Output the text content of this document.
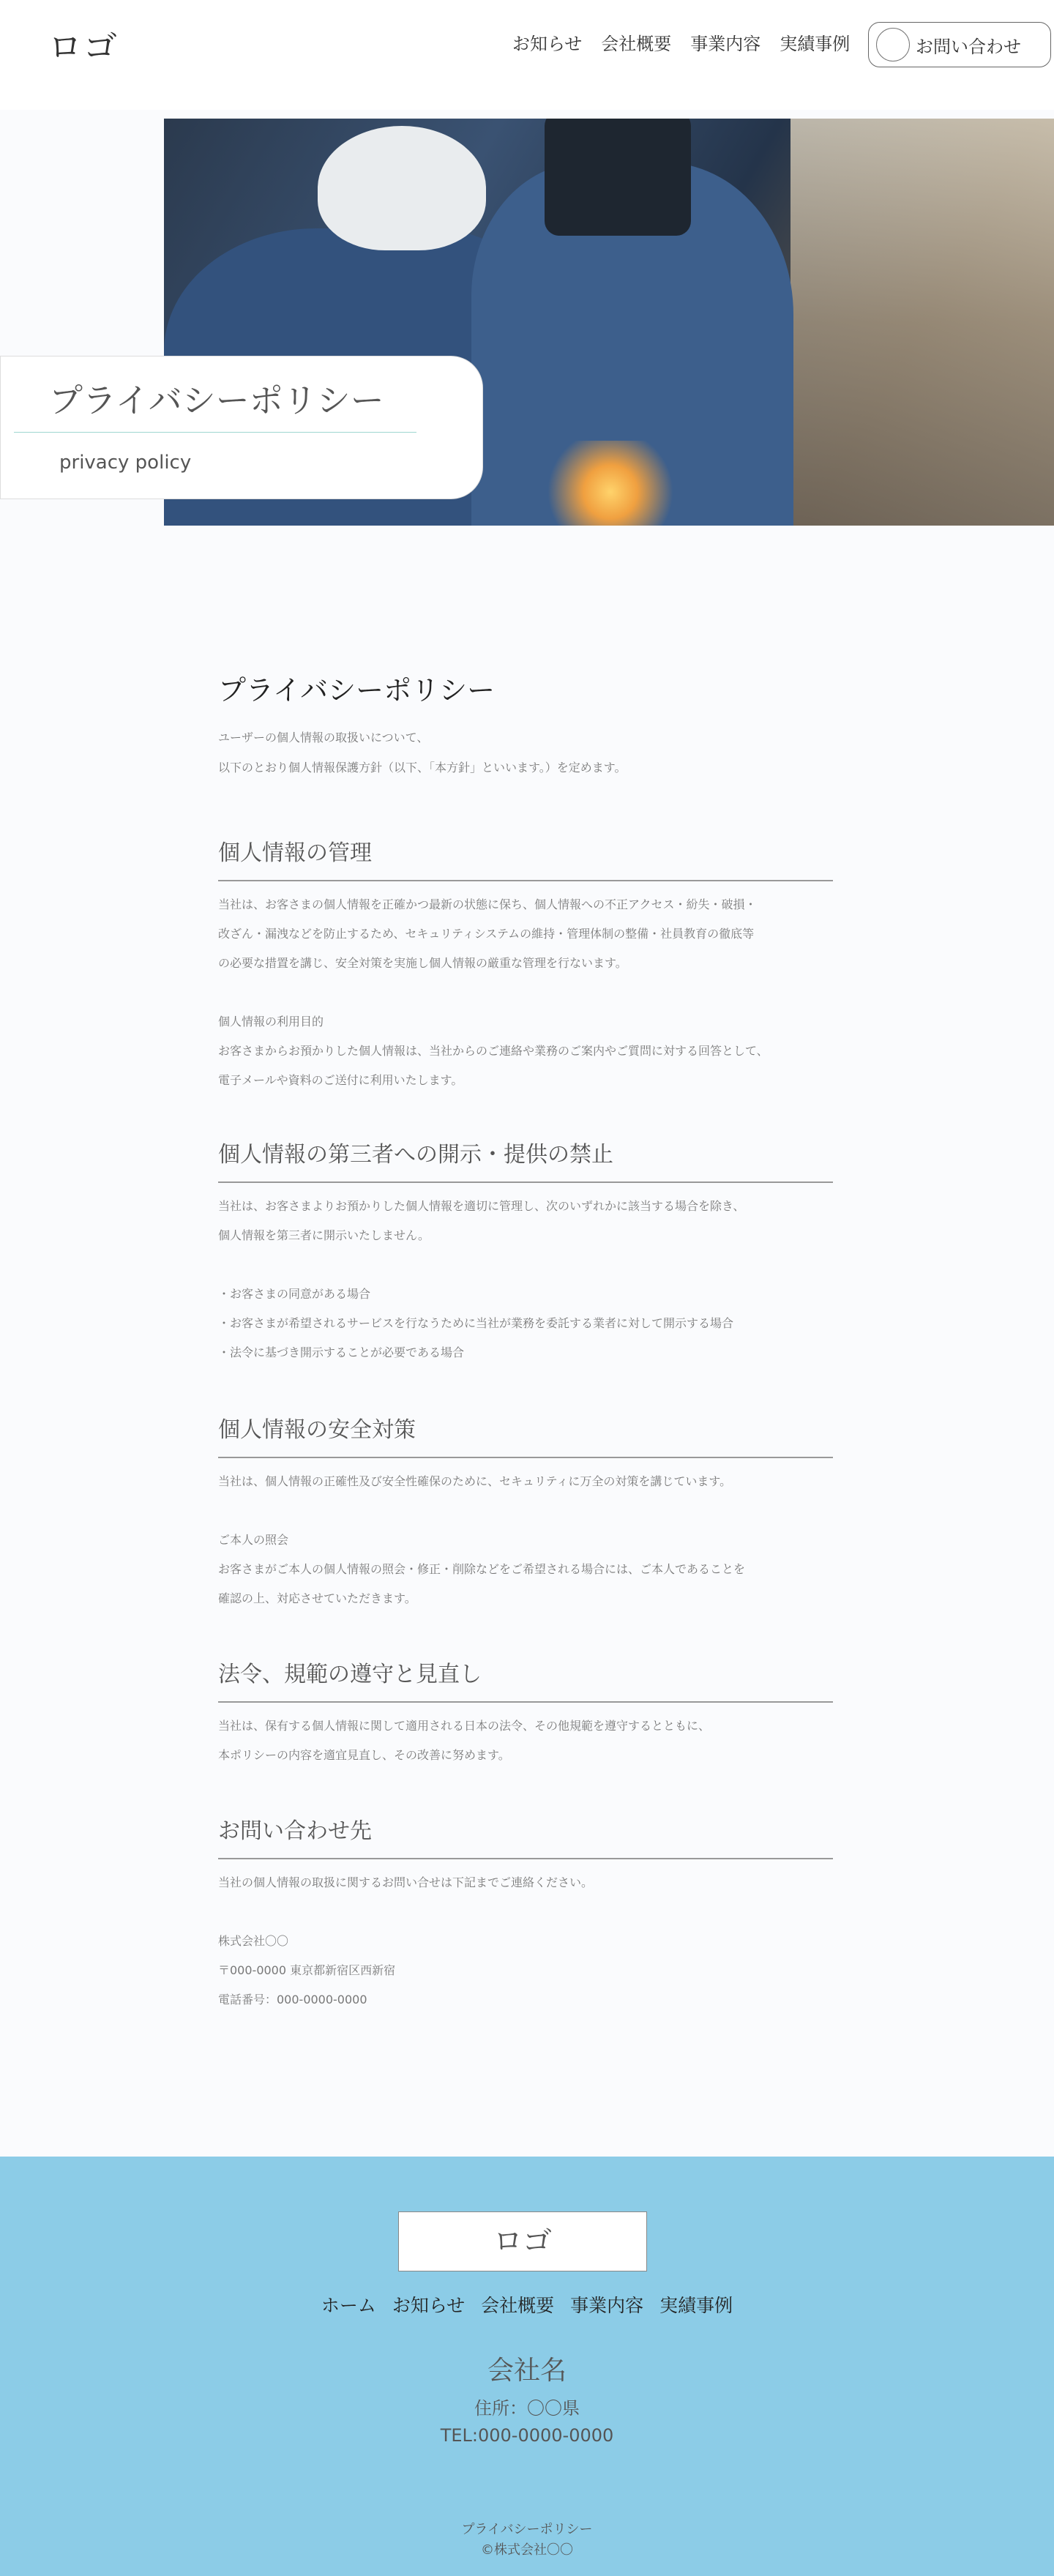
ロゴ	お知らせ 会社概要 事業内容 実績事例	お問い合わせ
プライバシーポリシー
privacy policy
プライバシーポリシー
ユーザーの個人情報の取扱いについて、
以下のとおり個人情報保護方針（以下、「本方針」といいます。）を定めます。
個人情報の管理
当社は、お客さまの個人情報を正確かつ最新の状態に保ち、個人情報への不正アクセス・紛失・破損・
改ざん・漏洩などを防止するため、セキュリティシステムの維持・管理体制の整備・社員教育の徹底等
の必要な措置を講じ、安全対策を実施し個人情報の厳重な管理を行ないます。

個人情報の利用目的
お客さまからお預かりした個人情報は、当社からのご連絡や業務のご案内やご質問に対する回答として、
電子メールや資料のご送付に利用いたします。
個人情報の第三者への開示・提供の禁止
当社は、お客さまよりお預かりした個人情報を適切に管理し、次のいずれかに該当する場合を除き、
個人情報を第三者に開示いたしません。

・お客さまの同意がある場合
・お客さまが希望されるサービスを行なうために当社が業務を委託する業者に対して開示する場合
・法令に基づき開示することが必要である場合
個人情報の安全対策
当社は、個人情報の正確性及び安全性確保のために、セキュリティに万全の対策を講じています。

ご本人の照会
お客さまがご本人の個人情報の照会・修正・削除などをご希望される場合には、ご本人であることを
確認の上、対応させていただきます。
法令、規範の遵守と見直し
当社は、保有する個人情報に関して適用される日本の法令、その他規範を遵守するとともに、
本ポリシーの内容を適宜見直し、その改善に努めます。
お問い合わせ先
当社の個人情報の取扱に関するお問い合せは下記までご連絡ください。

株式会社〇〇
〒000-0000 東京都新宿区西新宿
電話番号：000-0000-0000
ロゴ
ホーム お知らせ 会社概要 事業内容 実績事例
会社名
住所：〇〇県
TEL:000-0000-0000
プライバシーポリシー
©株式会社〇〇
